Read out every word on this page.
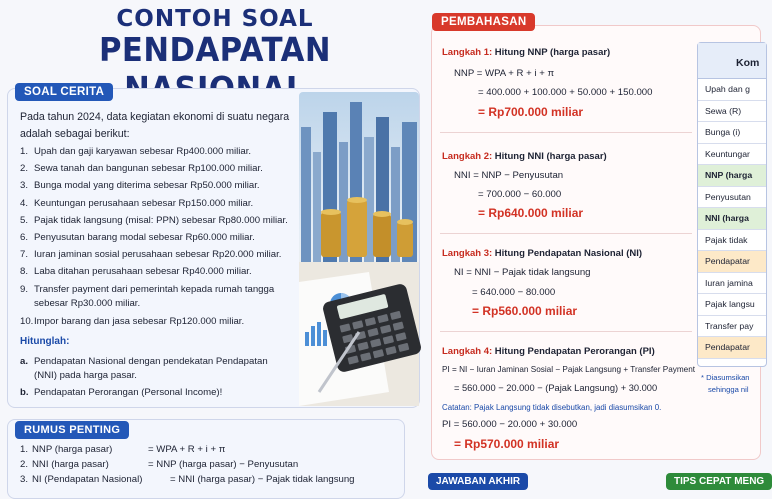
CONTOH SOAL
PENDAPATAN
SOAL CERITA
Pada tahun 2024, data kegiatan ekonomi di suatu negara adalah sebagai berikut:
1. Upah dan gaji karyawan sebesar Rp400.000 miliar.
2. Sewa tanah dan bangunan sebesar Rp100.000 miliar.
3. Bunga modal yang diterima sebesar Rp50.000 miliar.
4. Keuntungan perusahaan sebesar Rp150.000 miliar.
5. Pajak tidak langsung (misal: PPN) sebesar Rp80.000 miliar.
6. Penyusutan barang modal sebesar Rp60.000 miliar.
7. Iuran jaminan sosial perusahaan sebesar Rp20.000 miliar.
8. Laba ditahan perusahaan sebesar Rp40.000 miliar.
9. Transfer payment dari pemerintah kepada rumah tangga sebesar Rp30.000 miliar.
10. Impor barang dan jasa sebesar Rp120.000 miliar.
Hitunglah:
a. Pendapatan Nasional dengan pendekatan Pendapatan (NNI) pada harga pasar.
b. Pendapatan Perorangan (Personal Income)!
RUMUS PENTING
1. NNP (harga pasar)	= WPA + R + i + π
2. NNI (harga pasar)	= NNP (harga pasar) − Penyusutan
3. NI (Pendapatan Nasional)	= NNI (harga pasar) − Pajak tidak langsung
Langkah 1: Hitung NNP (harga pasar)
NNP = WPA + R + i + π
= 400.000 + 100.000 + 50.000 + 150.000
= Rp700.000 miliar
Langkah 2: Hitung NNI (harga pasar)
NNI = NNP − Penyusutan
= 700.000 − 60.000
= Rp640.000 miliar
Langkah 3: Hitung Pendapatan Nasional (NI)
NI = NNI − Pajak tidak langsung
= 640.000 − 80.000
= Rp560.000 miliar
Langkah 4: Hitung Pendapatan Perorangan (PI)
PI = NI − Iuran Jaminan Sosial − Pajak Langsung + Transfer Payment
= 560.000 − 20.000 − (Pajak Langsung) + 30.000
Catatan: Pajak Langsung tidak disebutkan, jadi diasumsikan 0.
PI = 560.000 − 20.000 + 30.000
= Rp570.000 miliar
PEMBAHASAN
Kom
Upah dan g
Sewa (R)
Bunga (i)
Keuntungar
NNP (harga
Penyusutan
NNI (harga
Pajak tidak
Pendapatar
Iuran jamina
Pajak langsu
Transfer pay
Pendapatar
* Diasumsikan
sehingga nil
JAWABAN AKHIR	TIPS CEPAT MENG
